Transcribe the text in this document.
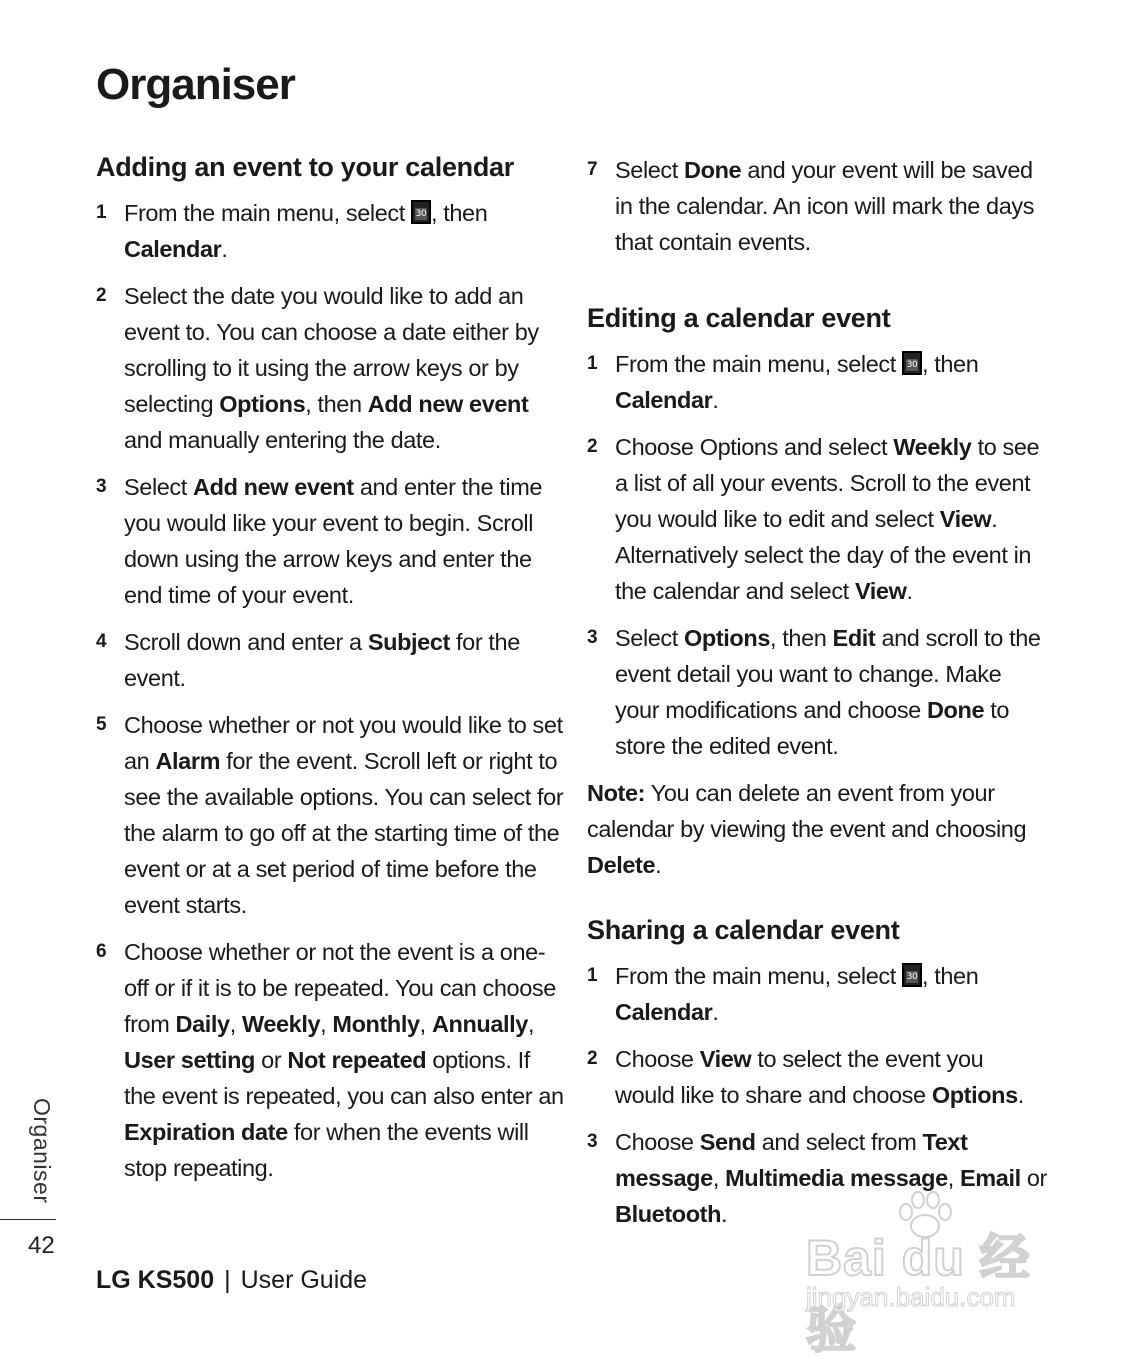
Organiser
Adding an event to your calendar
1 From the main menu, select 30 , then Calendar.
2 Select the date you would like to add an event to. You can choose a date either by scrolling to it using the arrow keys or by selecting Options, then Add new event and manually entering the date.
3 Select Add new event and enter the time you would like your event to begin. Scroll down using the arrow keys and enter the end time of your event.
4 Scroll down and enter a Subject for the event.
5 Choose whether or not you would like to set an Alarm for the event. Scroll left or right to see the available options. You can select for the alarm to go off at the starting time of the event or at a set period of time before the event starts.
6 Choose whether or not the event is a one-off or if it is to be repeated. You can choose from Daily, Weekly, Monthly, Annually, User setting or Not repeated options. If the event is repeated, you can also enter an Expiration date for when the events will stop repeating.
7 Select Done and your event will be saved in the calendar. An icon will mark the days that contain events.
Editing a calendar event
1 From the main menu, select 30 , then Calendar.
2 Choose Options and select Weekly to see a list of all your events. Scroll to the event you would like to edit and select View. Alternatively select the day of the event in the calendar and select View.
3 Select Options, then Edit and scroll to the event detail you want to change. Make your modifications and choose Done to store the edited event.

Note: You can delete an event from your calendar by viewing the event and choosing Delete.

Sharing a calendar event
1 From the main menu, select 30 , then Calendar.
2 Choose View to select the event you would like to share and choose Options.
3 Choose Send and select from Text message, Multimedia message, Email or Bluetooth.
Organiser
42
LG KS500 | User Guide	Bai du 经验
jingyan.baidu.com
